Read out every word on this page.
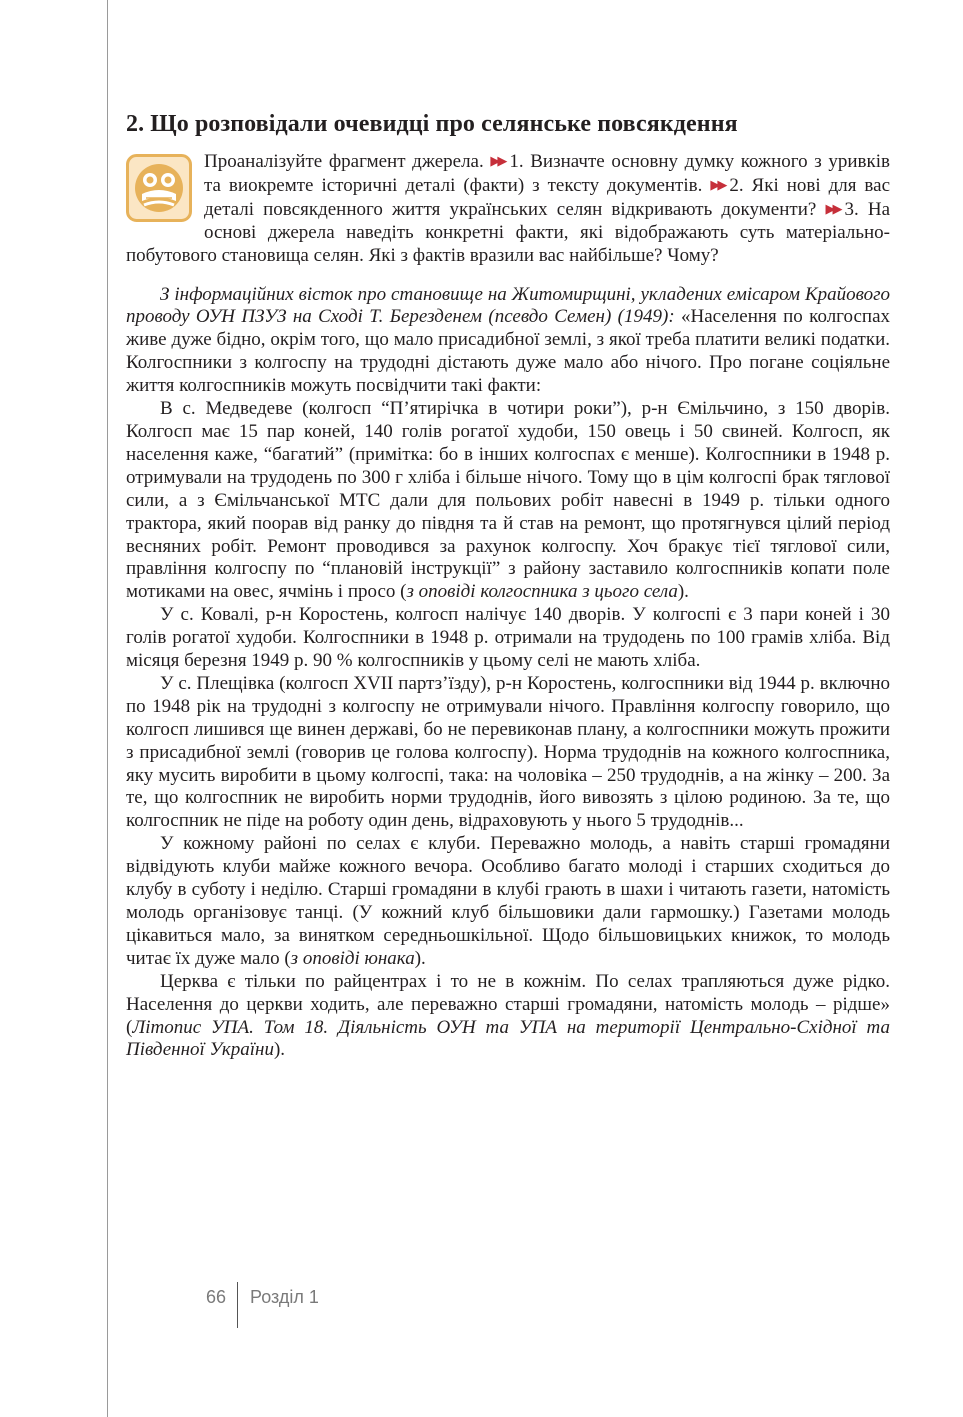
2. Що розповідали очевидці про селянське повсякдення

Проаналізуйте фрагмент джерела. ▶▶ 1. Визначте основну думку кожного з уривків та виокремте історичні деталі (факти) з тексту документів. ▶▶ 2. Які нові для вас деталі повсякденного життя українських селян відкривають документи? ▶▶ 3. На основі джерела наведіть конкретні факти, які відображають суть матеріально-побутового становища селян. Які з фактів вразили вас найбільше? Чому?

З інформаційних вісток про становище на Житомирщині, укладених емісаром Крайового проводу ОУН ПЗУЗ на Сході Т. Березденем (псевдо Семен) (1949): «Населення по колгоспах живе дуже бідно, окрім того, що мало присадибної землі, з якої треба платити великі податки. Колгоспники з колгоспу на трудодні дістають дуже мало або нічого. Про погане соціяльне життя колгоспників можуть посвідчити такі факти:

В с. Медведеве (колгосп “П’ятирічка в чотири роки”), р-н Ємільчино, з 150 дворів. Колгосп має 15 пар коней, 140 голів рогатої худоби, 150 овець і 50 свиней. Колгосп, як населення каже, “багатий” (примітка: бо в інших колгоспах є менше). Колгоспники в 1948 р. отримували на трудодень по 300 г хліба і більше нічого. Тому що в цім колгоспі брак тяглової сили, а з Ємільчанської МТС дали для польових робіт навесні в 1949 р. тільки одного трактора, який поорав від ранку до півдня та й став на ремонт, що протягнувся цілий період весняних робіт. Ремонт проводився за рахунок колгоспу. Хоч бракує тієї тяглової сили, правління колгоспу по “плановій інструкції” з району заставило колгоспників копати поле мотиками на овес, ячмінь і просо (з оповіді колгоспника з цього села).

У с. Ковалі, р-н Коростень, колгосп налічує 140 дворів. У колгоспі є 3 пари коней і 30 голів рогатої худоби. Колгоспники в 1948 р. отримали на трудодень по 100 грамів хліба. Від місяця березня 1949 р. 90 % колгоспників у цьому селі не мають хліба.

У с. Плещівка (колгосп XVII партз’їзду), р-н Коростень, колгоспники від 1944 р. включно по 1948 рік на трудодні з колгоспу не отримували нічого. Правління колгоспу говорило, що колгосп лишився ще винен державі, бо не перевиконав плану, а колгоспники можуть прожити з присадибної землі (говорив це голова колгоспу). Норма трудоднів на кожного колгоспника, яку мусить виробити в цьому колгоспі, така: на чоловіка – 250 трудоднів, а на жінку – 200. За те, що колгоспник не виробить норми трудоднів, його вивозять з цілою родиною. За те, що колгоспник не піде на роботу один день, відраховують у нього 5 трудоднів...

У кожному районі по селах є клуби. Переважно молодь, а навіть старші громадяни відвідують клуби майже кожного вечора. Особливо багато молоді і старших сходиться до клубу в суботу і неділю. Старші громадяни в клубі грають в шахи і читають газети, натомість молодь організовує танці. (У кожний клуб більшовики дали гармошку.) Газетами молодь цікавиться мало, за винятком середньошкільної. Щодо більшовицьких книжок, то молодь читає їх дуже мало (з оповіді юнака).

Церква є тільки по райцентрах і то не в кожнім. По селах трапляються дуже рідко. Населення до церкви ходить, але переважно старші громадяни, натомість молодь – рідше» (Літопис УПА. Том 18. Діяльність ОУН та УПА на території Центрально-Східної та Південної України).

66 Розділ 1
